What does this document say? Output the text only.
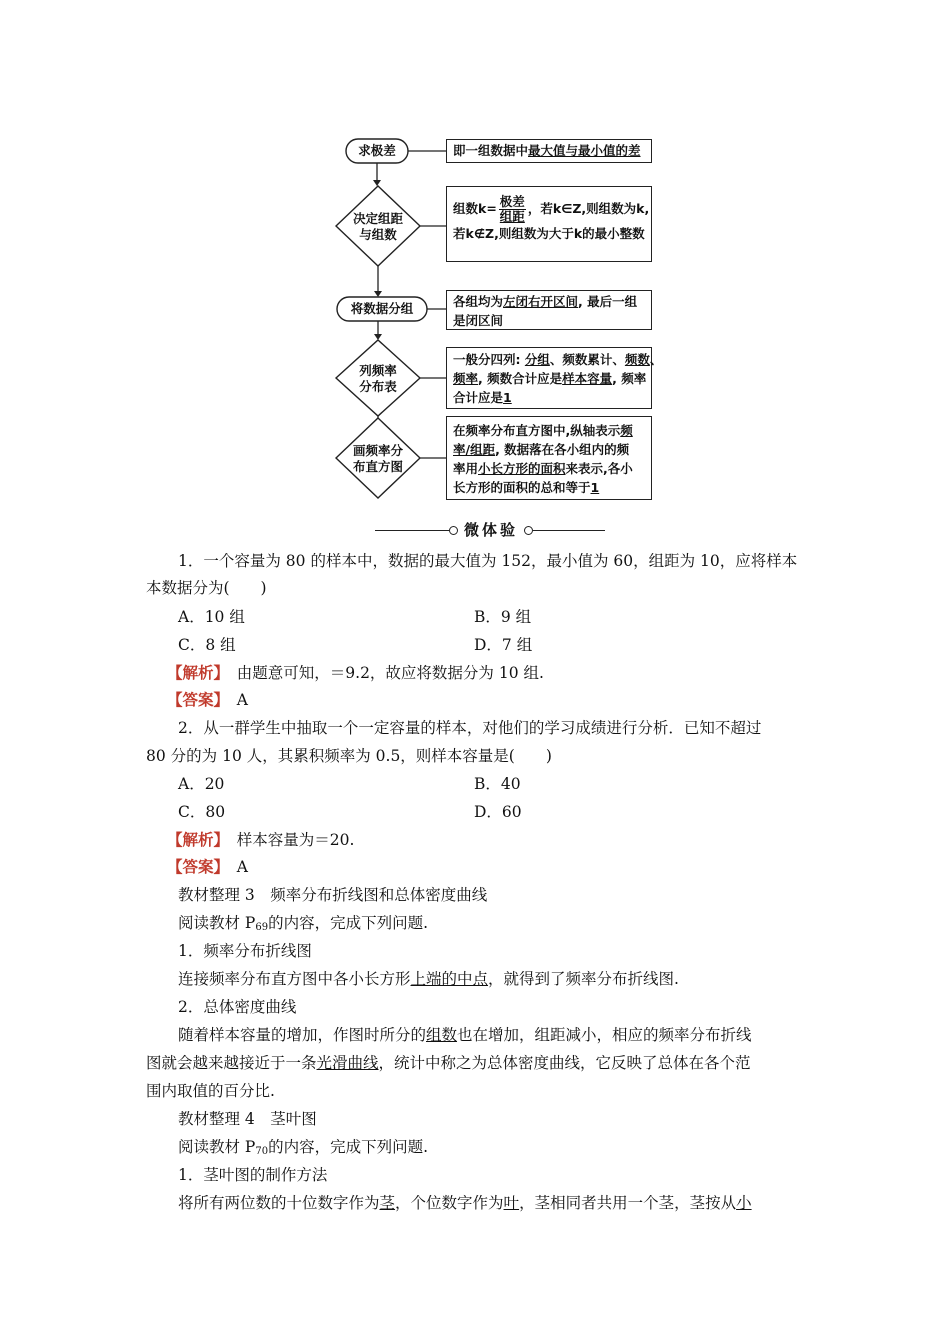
求极差
决定组距
与组数
将数据分组
列频率
分布表
画频率分
布直方图
即一组数据中最大值与最小值的差
组数$k= \frac{\text{极差}}{\text{组距}}$ ，若k∈Z,则组数为k,
若k∉Z,则组数为大于k的最小整数
各组均为左闭右开区间, 最后一组
是闭区间
一般分四列: 分组、频数累计、频数、
频率, 频数合计应是样本容量, 频率
合计应是1
在频率分布直方图中,纵轴表示频
率/组距, 数据落在各小组内的频
率用小长方形的面积来表示,各小
长方形的面积的总和等于1
微体验
1．一个容量为 80 的样本中，数据的最大值为 152，最小值为 60，组距为 10，应将样本
本数据分为(　　)
A．10 组	B．9 组
C．8 组	D．7 组
【解析】　 由题意可知，＝9.2，故应将数据分为 10 组.
【答案】　 A
2．从一群学生中抽取一个一定容量的样本，对他们的学习成绩进行分析．已知不超过
80 分的为 10 人，其累积频率为 0.5，则样本容量是(　　)
A．20	B．40
C．80	D．60
【解析】　 样本容量为＝20.
【答案】　 A
教材整理 3　频率分布折线图和总体密度曲线
阅读教材 $P_{69}$的内容，完成下列问题.
1．频率分布折线图
连接频率分布直方图中各小长方形上端的中点，就得到了频率分布折线图.
2．总体密度曲线
随着样本容量的增加，作图时所分的组数也在增加，组距减小，相应的频率分布折线
图就会越来越接近于一条光滑曲线，统计中称之为总体密度曲线，它反映了总体在各个范
围内取值的百分比.
教材整理 4　茎叶图
阅读教材 $P_{70}$的内容，完成下列问题.
1．茎叶图的制作方法
将所有两位数的十位数字作为茎，个位数字作为叶，茎相同者共用一个茎，茎按从小
